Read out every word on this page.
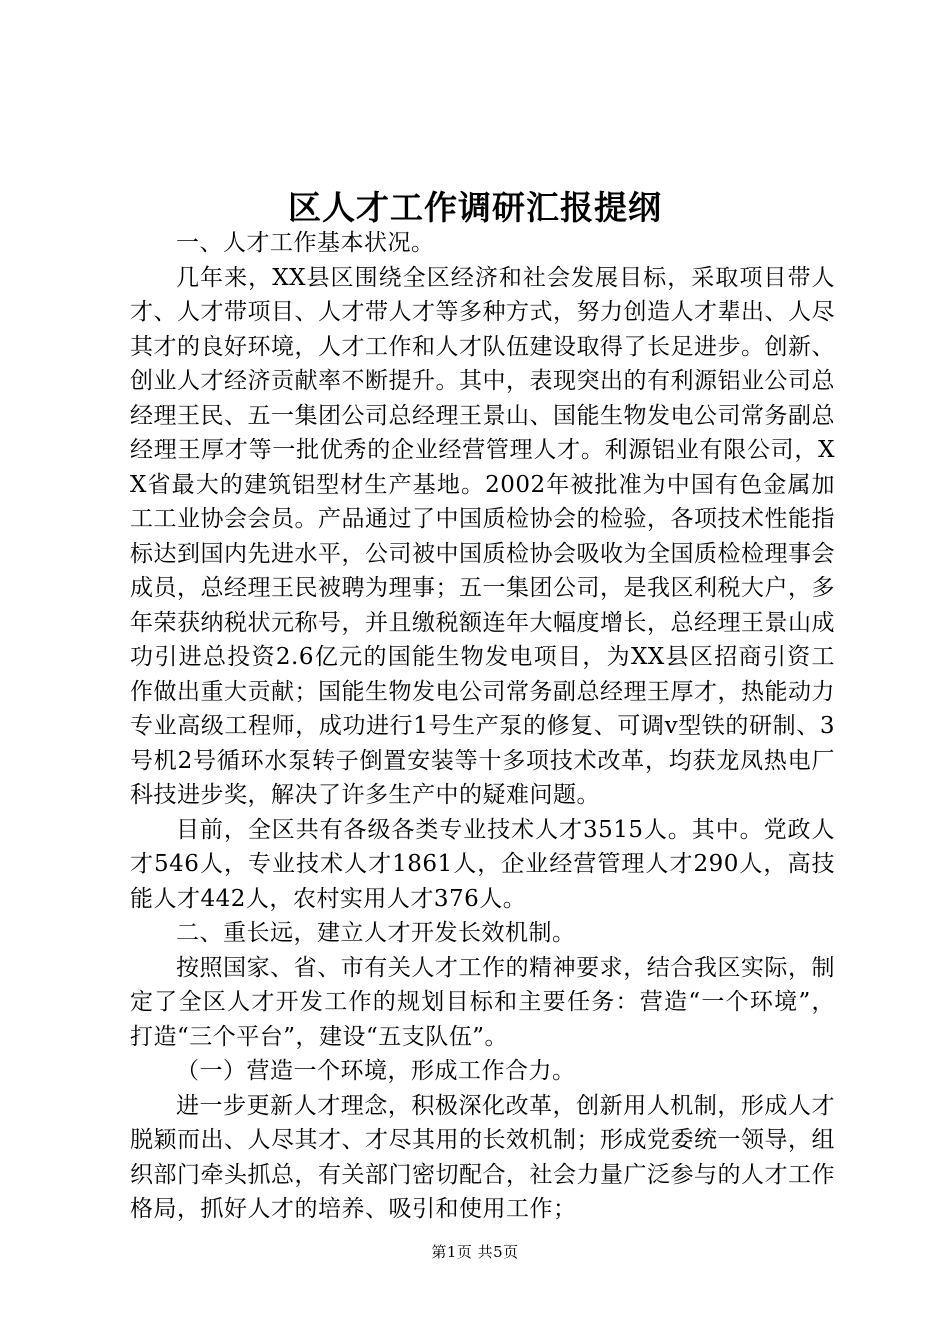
区人才工作调研汇报提纲

一、人才工作基本状况。

几年来，XX县区围绕全区经济和社会发展目标，采取项目带人才、人才带项目、人才带人才等多种方式，努力创造人才辈出、人尽其才的良好环境，人才工作和人才队伍建设取得了长足进步。创新、创业人才经济贡献率不断提升。其中，表现突出的有利源铝业公司总经理王民、五一集团公司总经理王景山、国能生物发电公司常务副总经理王厚才等一批优秀的企业经营管理人才。利源铝业有限公司，XX省最大的建筑铝型材生产基地。2002年被批准为中国有色金属加工工业协会会员。产品通过了中国质检协会的检验，各项技术性能指标达到国内先进水平，公司被中国质检协会吸收为全国质检检理事会成员，总经理王民被聘为理事；五一集团公司，是我区利税大户，多年荣获纳税状元称号，并且缴税额连年大幅度增长，总经理王景山成功引进总投资2.6亿元的国能生物发电项目，为XX县区招商引资工作做出重大贡献；国能生物发电公司常务副总经理王厚才，热能动力专业高级工程师，成功进行1号生产泵的修复、可调v型铁的研制、3号机2号循环水泵转子倒置安装等十多项技术改革，均获龙凤热电厂科技进步奖，解决了许多生产中的疑难问题。

目前，全区共有各级各类专业技术人才3515人。其中。党政人才546人，专业技术人才1861人，企业经营管理人才290人，高技能人才442人，农村实用人才376人。

二、重长远，建立人才开发长效机制。

按照国家、省、市有关人才工作的精神要求，结合我区实际，制定了全区人才开发工作的规划目标和主要任务：营造“一个环境”，打造“三个平台”，建设“五支队伍”。

（一）营造一个环境，形成工作合力。

进一步更新人才理念，积极深化改革，创新用人机制，形成人才脱颖而出、人尽其才、才尽其用的长效机制；形成党委统一领导，组织部门牵头抓总，有关部门密切配合，社会力量广泛参与的人才工作格局，抓好人才的培养、吸引和使用工作；

第1页 共5页
